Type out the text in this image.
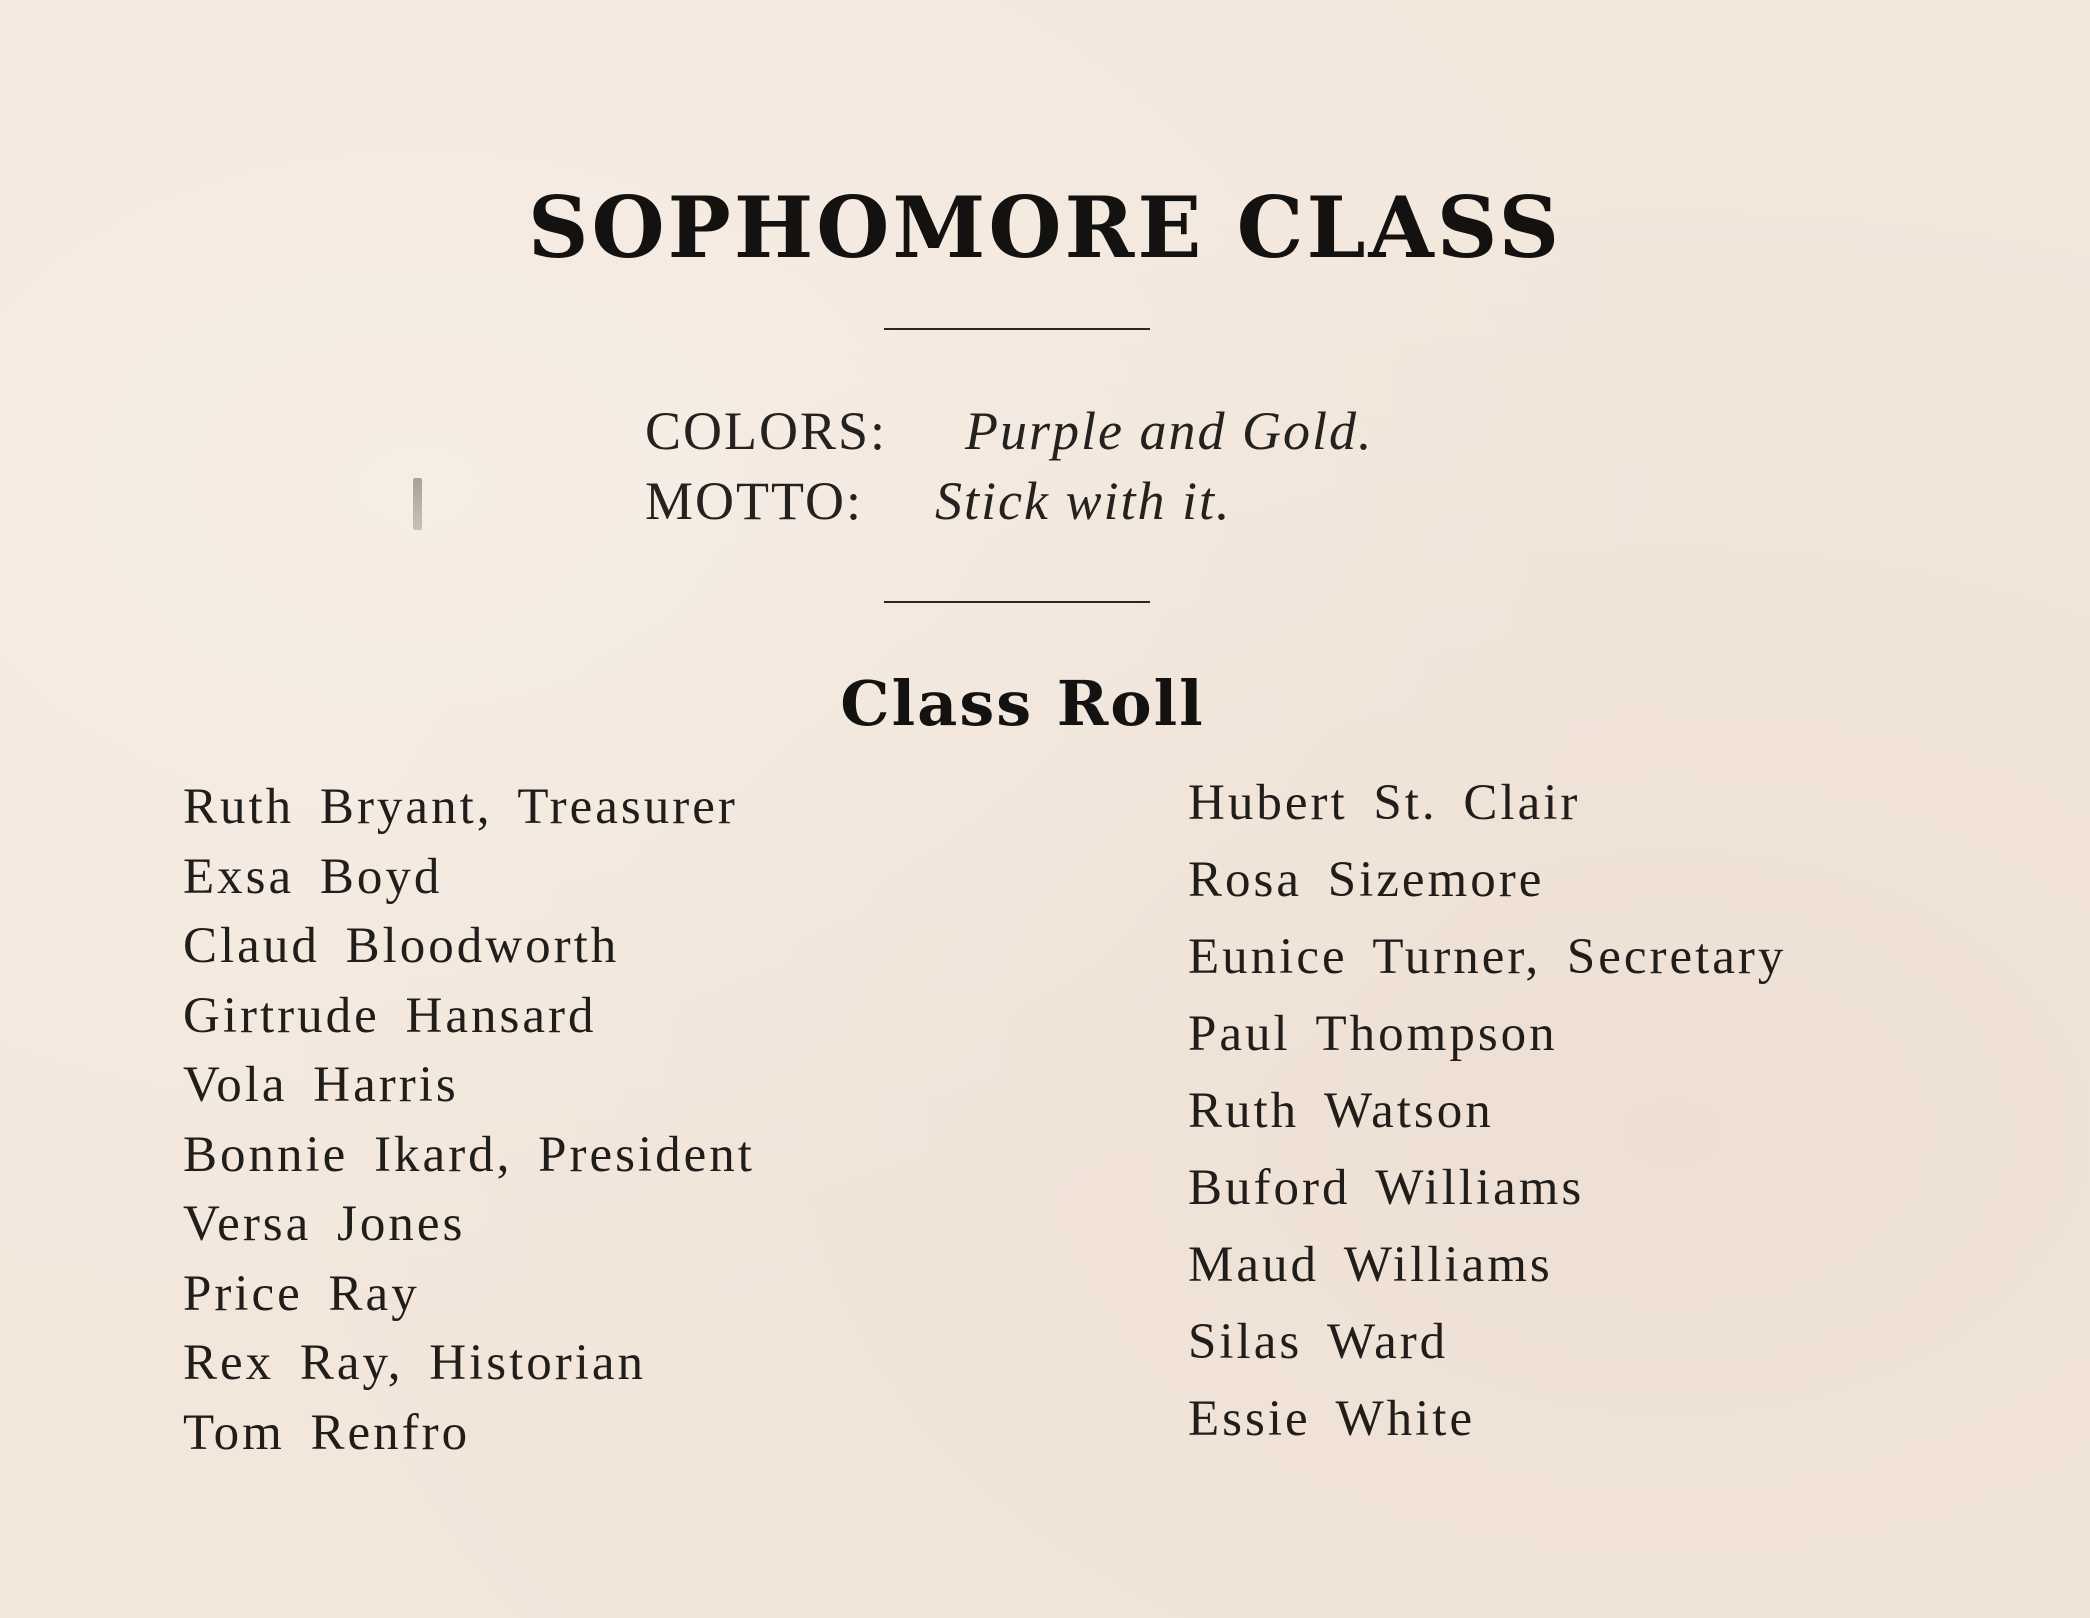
SOPHOMORE CLASS
COLORS: Purple and Gold.
MOTTO: Stick with it.
Class Roll
Ruth Bryant, Treasurer
Exsa Boyd
Claud Bloodworth
Girtrude Hansard
Vola Harris
Bonnie Ikard, President
Versa Jones
Price Ray
Rex Ray, Historian
Tom Renfro
Hubert St. Clair
Rosa Sizemore
Eunice Turner, Secretary
Paul Thompson
Ruth Watson
Buford Williams
Maud Williams
Silas Ward
Essie White
